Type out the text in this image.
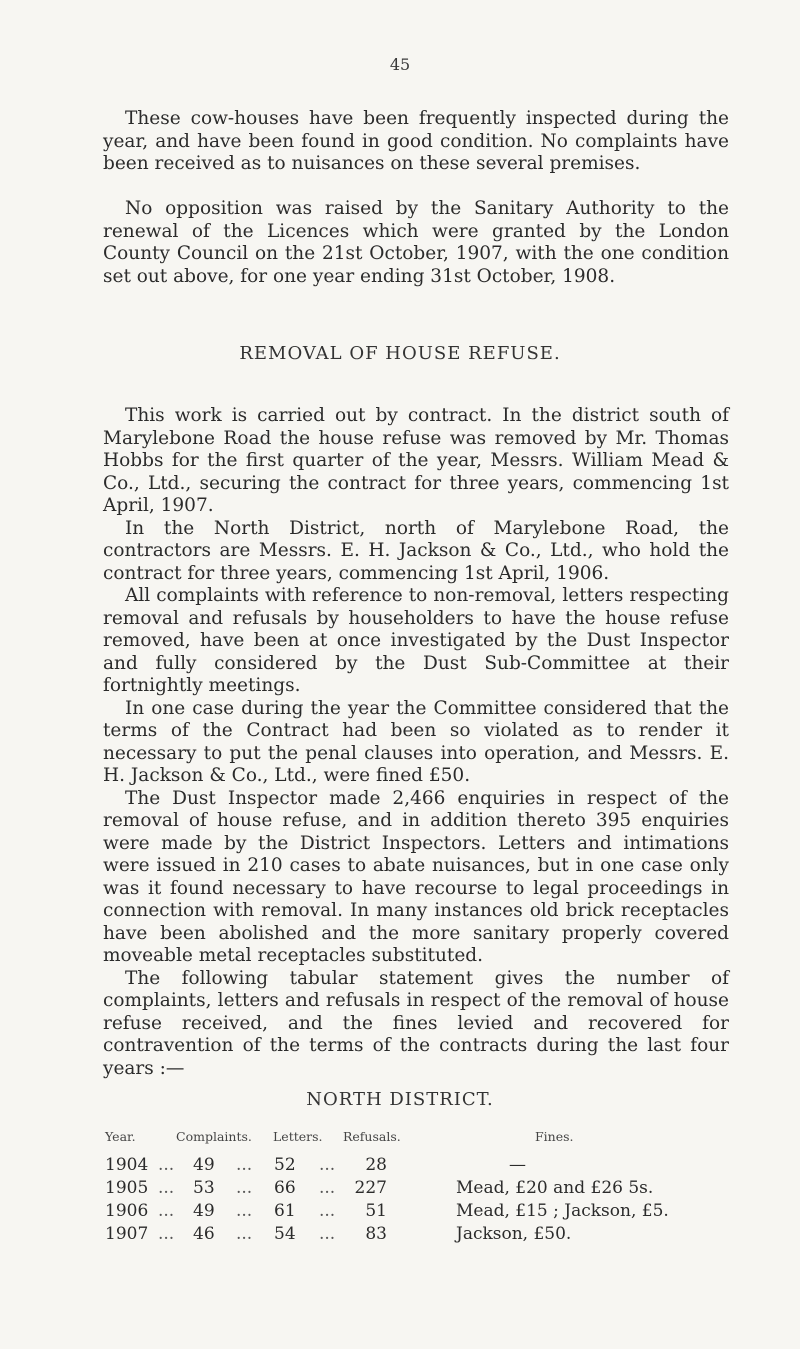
45

These cow-houses have been frequently inspected during the year, and have been found in good condition. No complaints have been received as to nuisances on these several premises.

No opposition was raised by the Sanitary Authority to the renewal of the Licences which were granted by the London County Council on the 21st October, 1907, with the one condition set out above, for one year ending 31st October, 1908.

REMOVAL OF HOUSE REFUSE.

This work is carried out by contract. In the district south of Marylebone Road the house refuse was removed by Mr. Thomas Hobbs for the first quarter of the year, Messrs. William Mead & Co., Ltd., securing the contract for three years, commencing 1st April, 1907.

In the North District, north of Marylebone Road, the contractors are Messrs. E. H. Jackson & Co., Ltd., who hold the contract for three years, commencing 1st April, 1906.

All complaints with reference to non-removal, letters respecting removal and refusals by householders to have the house refuse removed, have been at once investigated by the Dust Inspector and fully considered by the Dust Sub-Committee at their fortnightly meetings.

In one case during the year the Committee considered that the terms of the Contract had been so violated as to render it necessary to put the penal clauses into operation, and Messrs. E. H. Jackson & Co., Ltd., were fined £50.

The Dust Inspector made 2,466 enquiries in respect of the removal of house refuse, and in addition thereto 395 enquiries were made by the District Inspectors. Letters and intimations were issued in 210 cases to abate nuisances, but in one case only was it found necessary to have recourse to legal proceedings in connection with removal. In many instances old brick receptacles have been abolished and the more sanitary properly covered moveable metal receptacles substituted.

The following tabular statement gives the number of complaints, letters and refusals in respect of the removal of house refuse received, and the fines levied and recovered for contravention of the terms of the contracts during the last four years :—

NORTH DISTRICT.
Year.	Complaints. Letters. Refusals.	Fines.
1904 ... 49 ... 52 ...	28	—
1905 ... 53 ... 66 ... 227	Mead, £20 and £26 5s.
1906 ... 49 ... 61 ...	51	Mead, £15 ; Jackson, £5.
1907 ... 46 ... 54 ...	83	Jackson, £50.
